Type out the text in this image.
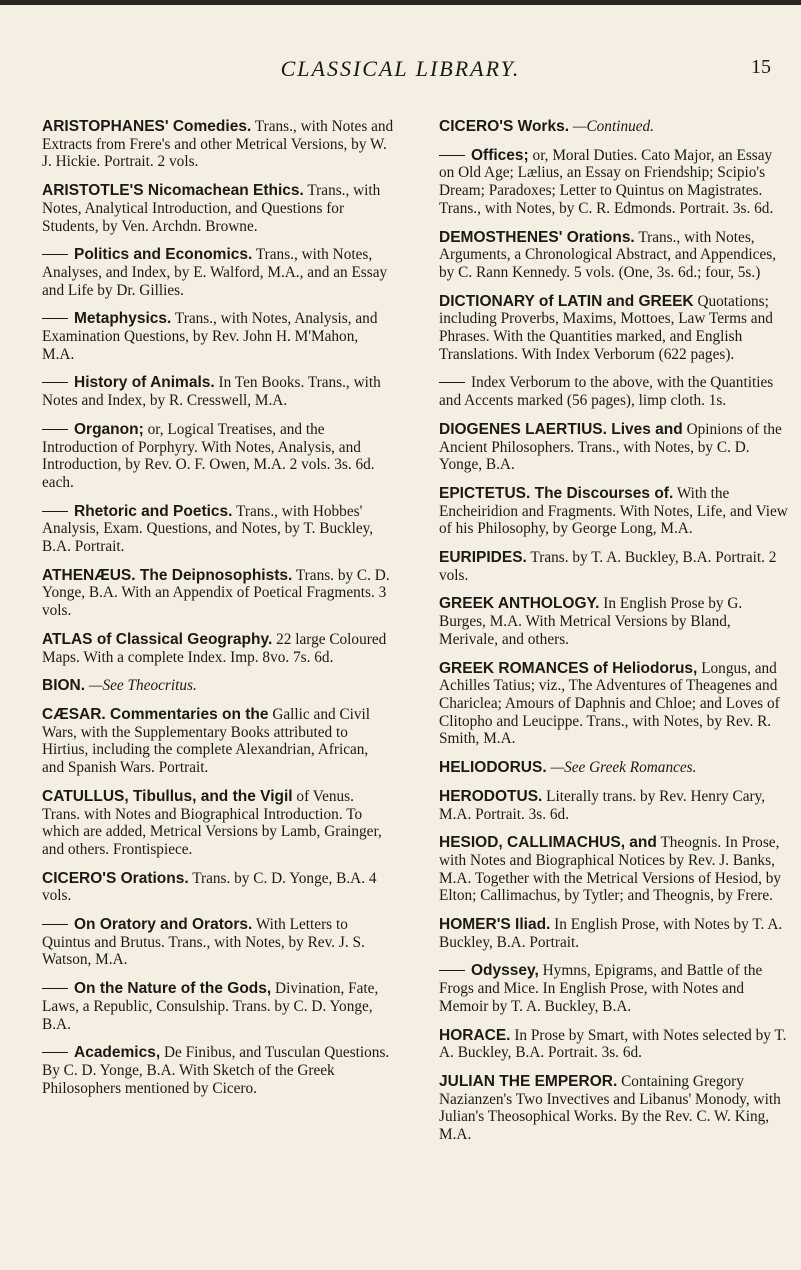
CLASSICAL LIBRARY.	15
ARISTOPHANES' Comedies. Trans., with Notes and Extracts from Frere's and other Metrical Versions, by W. J. Hickie. Portrait. 2 vols.
ARISTOTLE'S Nicomachean Ethics. Trans., with Notes, Analytical Introduction, and Questions for Students, by Ven. Archdn. Browne.
Politics and Economics. Trans., with Notes, Analyses, and Index, by E. Walford, M.A., and an Essay and Life by Dr. Gillies.
Metaphysics. Trans., with Notes, Analysis, and Examination Questions, by Rev. John H. M'Mahon, M.A.
History of Animals. In Ten Books. Trans., with Notes and Index, by R. Cresswell, M.A.
Organon; or, Logical Treatises, and the Introduction of Porphyry. With Notes, Analysis, and Introduction, by Rev. O. F. Owen, M.A. 2 vols. 3s. 6d. each.
Rhetoric and Poetics. Trans., with Hobbes' Analysis, Exam. Questions, and Notes, by T. Buckley, B.A. Portrait.
ATHENÆUS. The Deipnosophists. Trans. by C. D. Yonge, B.A. With an Appendix of Poetical Fragments. 3 vols.
ATLAS of Classical Geography. 22 large Coloured Maps. With a complete Index. Imp. 8vo. 7s. 6d.
BION. —See Theocritus.
CÆSAR. Commentaries on the Gallic and Civil Wars, with the Supplementary Books attributed to Hirtius, including the complete Alexandrian, African, and Spanish Wars. Portrait.
CATULLUS, Tibullus, and the Vigil of Venus. Trans. with Notes and Biographical Introduction. To which are added, Metrical Versions by Lamb, Grainger, and others. Frontispiece.
CICERO'S Orations. Trans. by C. D. Yonge, B.A. 4 vols.
On Oratory and Orators. With Letters to Quintus and Brutus. Trans., with Notes, by Rev. J. S. Watson, M.A.
On the Nature of the Gods, Divination, Fate, Laws, a Republic, Consulship. Trans. by C. D. Yonge, B.A.
Academics, De Finibus, and Tusculan Questions. By C. D. Yonge, B.A. With Sketch of the Greek Philosophers mentioned by Cicero.
CICERO'S Works. —Continued.
Offices; or, Moral Duties. Cato Major, an Essay on Old Age; Lælius, an Essay on Friendship; Scipio's Dream; Paradoxes; Letter to Quintus on Magistrates. Trans., with Notes, by C. R. Edmonds. Portrait. 3s. 6d.
DEMOSTHENES' Orations. Trans., with Notes, Arguments, a Chronological Abstract, and Appendices, by C. Rann Kennedy. 5 vols. (One, 3s. 6d.; four, 5s.)
DICTIONARY of LATIN and GREEK Quotations; including Proverbs, Maxims, Mottoes, Law Terms and Phrases. With the Quantities marked, and English Translations. With Index Verborum (622 pages).
Index Verborum to the above, with the Quantities and Accents marked (56 pages), limp cloth. 1s.
DIOGENES LAERTIUS. Lives and Opinions of the Ancient Philosophers. Trans., with Notes, by C. D. Yonge, B.A.
EPICTETUS. The Discourses of. With the Encheiridion and Fragments. With Notes, Life, and View of his Philosophy, by George Long, M.A.
EURIPIDES. Trans. by T. A. Buckley, B.A. Portrait. 2 vols.
GREEK ANTHOLOGY. In English Prose by G. Burges, M.A. With Metrical Versions by Bland, Merivale, and others.
GREEK ROMANCES of Heliodorus, Longus, and Achilles Tatius; viz., The Adventures of Theagenes and Chariclea; Amours of Daphnis and Chloe; and Loves of Clitopho and Leucippe. Trans., with Notes, by Rev. R. Smith, M.A.
HELIODORUS. —See Greek Romances.
HERODOTUS. Literally trans. by Rev. Henry Cary, M.A. Portrait. 3s. 6d.
HESIOD, CALLIMACHUS, and Theognis. In Prose, with Notes and Biographical Notices by Rev. J. Banks, M.A. Together with the Metrical Versions of Hesiod, by Elton; Callimachus, by Tytler; and Theognis, by Frere.
HOMER'S Iliad. In English Prose, with Notes by T. A. Buckley, B.A. Portrait.
Odyssey, Hymns, Epigrams, and Battle of the Frogs and Mice. In English Prose, with Notes and Memoir by T. A. Buckley, B.A.
HORACE. In Prose by Smart, with Notes selected by T. A. Buckley, B.A. Portrait. 3s. 6d.
JULIAN THE EMPEROR. Containing Gregory Nazianzen's Two Invectives and Libanus' Monody, with Julian's Theosophical Works. By the Rev. C. W. King, M.A.
